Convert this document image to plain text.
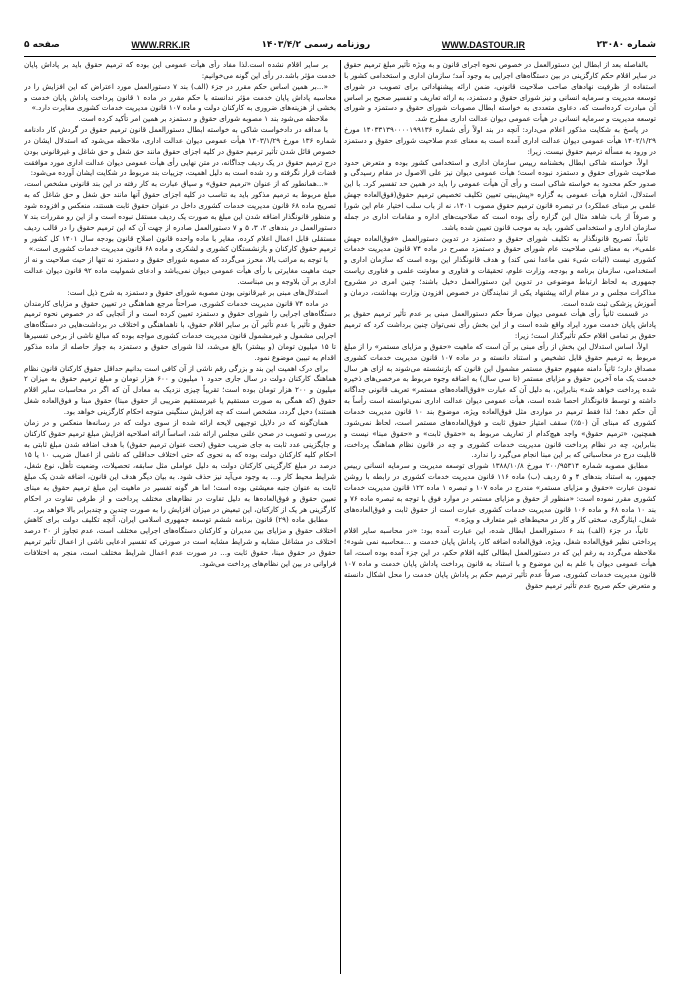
شماره ۲۳۰۸۰
WWW.DASTOUR.IR
روزنامه رسمی ۱۴۰۳/۴/۲
WWW.RRK.IR
صفحه ۵

بالفاصله بعد از ابطال این دستورالعمل در خصوص نحوه اجرای قانون و به ویژه تأثیر مبلغ ترمیم حقوق در سایر اقلام حکم کارگزینی در بین دستگاه‌های اجرایی به وجود آمد؛ سازمان اداری و استخدامی کشور با استفاده از ظرفیت نهادهای صاحب صلاحیت قانونی، ضمن ارائه پیشنهاداتی برای تصویب در شورای توسعه مدیریت و سرمایه انسانی و نیز شورای حقوق و دستمزد، به ارائه تعاریف و تفسیر صحیح بر اساس آن مبادرت کرده‌است که، دعاوی متعددی به خواسته ابطال مصوبات شورای حقوق و دستمزد و شورای توسعه مدیریت و سرمایه انسانی در هیأت عمومی دیوان عدالت اداری مطرح شد.

در پاسخ به شکایت مذکور اعلام می‌دارد: آنچه در بند اولاً رأی شماره ۱۴۰۳۳۱۳۹۰۰۰۰۱۹۹۱۳۶ مورخ ۱۴۰۲/۱/۲۹ هیأت عمومی دیوان عدالت اداری آمده است به معنای عدم صلاحیت شورای حقوق و دستمزد در ورود به مسأله ترمیم حقوق نیست. زیرا:

اولاً، خواسته شاکی ابطال بخشنامه رییس سازمان اداری و استخدامی کشور بوده و متعرض حدود صلاحیت شورای حقوق و دستمزد نبوده است؛ هیأت عمومی دیوان نیز علی الاصول در مقام رسیدگی و صدور حکم محدود به خواسته شاکی است و رأی آن هیأت عمومی را باید در همین حد تفسیر کرد. با این استدلال، اشاره هیأت عمومی به گزاره «پیش‌بینی تعیین تکلیف تخصیص ترمیم حقوق(فوق‌العاده جهش علمی بر مبنای عملکرد) در تبصره قانون ترمیم حقوق مصوب ۱۴۰۱، نه از باب سلب اختیار عام این شورا و صرفاً از باب شاهد مثال این گزاره رأی بوده است که صلاحیت‌های اداره و مقامات اداری در جمله سازمان اداری و استخدامی کشور، باید به موجب قانون تعیین شده باشد.

ثانیاً، تصریح قانونگذار به تکلیف شورای حقوق و دستمزد در تدوین دستورالعمل «فوق‌العاده جهش علمی»، به معنای نفی صلاحیت عام شورای حقوق و دستمزد مصرح در ماده ۷۴ قانون مدیریت خدمات کشوری نیست (اثبات شیء نفی ماعدا نمی کند) و هدف قانونگذار این بوده است که سازمان اداری و استخدامی، سازمان برنامه و بودجه، وزارت علوم، تحقیقات و فناوری و معاونت علمی و فناوری ریاست جمهوری به لحاظ ارتباط موضوعی در تدوین این دستورالعمل دخیل باشند؛ چنین امری در مشروح مذاکرات مجلس و در مقام ارائه پیشنهاد یکی از نمایندگان در خصوص افزودن وزارت بهداشت، درمان و آموزش پزشکی ثبت شده است.

در قسمت ثانیاً رأی هیأت عمومی دیوان صرفاً حکم دستورالعمل مبنی بر عدم تأثیر ترمیم حقوق بر پاداش پایان خدمت مورد ایراد واقع شده است و از این بخش رأی نمی‌توان چنین برداشت کرد که ترمیم حقوق بر تمامی اقلام حکم تأثیرگذار است؛ زیرا:

اولاً، اساس استدلال این بخش از رأی مبنی بر آن است که ماهیت «حقوق و مزایای مستمر» را از مبلغ مربوط به ترمیم حقوق قابل تشخیص و استناد دانسته و در ماده ۱۰۷ قانون مدیریت خدمات کشوری مصداق دارد؛ ثانیاً دامنه مفهوم حقوق مستمر مشمول این قانون که بازنشسته می‌شوند به ازای هر سال خدمت یک ماه آخرین حقوق و مزایای مستمر (تا سی سال) به اضافه وجوه مربوط به مرخصی‌های ذخیره شده پرداخت خواهد شد» بنابراین، به دلیل آن که عبارت «فوق‌العاده‌های مستمر» تعریف قانونی جداگانه داشته و توسط قانونگذار احصا شده است، هیأت عمومی دیوان عدالت اداری نمی‌توانسته است رأساً به آن حکم دهد؛ لذا فقط ترمیم در مواردی مثل فوق‌العاده ویژه، موضوع بند ۱۰ قانون مدیریت خدمات کشوری که مبنای آن (۵۰٪) سقف امتیاز حقوق ثابت و فوق‌العاده‌های مستمر است، لحاظ نمی‌شود. همچنین، «ترمیم حقوق» واجد هیچ‌کدام از تعاریف مربوط به «حقوق ثابت» و «حقوق مبنا» نیست و بنابراین، چه در نظام پرداخت قانون مدیریت خدمات کشوری و چه در قانون نظام هماهنگ پرداخت، قابلیت درج در محاسباتی که بر این مبنا انجام می‌گیرد را ندارد.

مطابق مصوبه شماره ۲۰۰/۹۵۳۱۴ مورخ ۱۳۸۸/۱۰/۸ شورای توسعه مدیریت و سرمایه انسانی رییس جمهور، به استناد بندهای ۴ و ۵ ردیف (ب) ماده ۱۱۶ قانون مدیریت خدمات کشوری در رابطه با روشن نمودن عبارت «حقوق و مزایای مستمر» مندرج در ماده ۱۰۷ و تبصره ۱ ماده ۱۲۲ قانون مدیریت خدمات کشوری مقرر نموده است: «منظور از حقوق و مزایای مستمر در موارد فوق با توجه به تبصره ماده ۷۶ و بند ۱۰ ماده ۶۸ و ماده ۱۰۶ قانون مدیریت خدمات کشوری عبارت است از حقوق ثابت و فوق‌العاده‌های شغل، ایثارگری، سختی کار و کار در محیط‌های غیر متعارف و ویژه.»

ثانیاً، در جزء (الف) بند ۶ دستورالعمل ابطال شده، این عبارت آمده بود: «در محاسبه سایر اقلام پرداختی نظیر فوق‌العاده شغل، ویژه، فوق‌العاده اضافه کار، پاداش پایان خدمت و ...محاسبه نمی شود»؛ ملاحظه می‌گردد به رغم این که در دستورالعمل ابطالی کلیه اقلام حکم، در این جزء آمده بوده است، اما هیأت عمومی دیوان با علم به این موضوع و با استناد به قانون پرداخت پاداش پایان خدمت و ماده ۱۰۷ قانون مدیریت خدمات کشوری، صرفاً عدم تأثیر ترمیم حکم بر پاداش پایان خدمت را محل اشکال دانسته و متعرض حکم صریح عدم تأثیر ترمیم حقوق

بر سایر اقلام نشده است.لذا مفاد رأی هیأت عمومی این بوده که ترمیم حقوق باید بر پاداش پایان خدمت مؤثر باشد.در رأی این گونه می‌خوانیم:

«...بر همین اساس حکم مقرر در جزء (الف) بند ۷ دستورالعمل مورد اعتراض که این افزایش را در محاسبه پاداش پایان خدمت مؤثر ندانسته با حکم مقرر در ماده ۱ قانون پرداخت پاداش پایان خدمت و بخشی از هزینه‌های ضروری به کارکنان دولت و ماده ۱۰۷ قانون مدیریت خدمات کشوری مغایرت دارد.»

ملاحظه می‌شود بند ۱ مصوبه شورای حقوق و دستمزد بر همین امر تأکید کرده است.

با مداقه در دادخواست شاکی به خواسته ابطال دستورالعمل قانون ترمیم حقوق در گردش کار دادنامه شماره ۱۳۶ مورخ ۱۴۰۳/۱/۲۹ هیأت عمومی دیوان عدالت اداری، ملاحظه می‌شود که استدلال ایشان در خصوص قائل شدن تأثیر ترمیم حقوق در کلیه اجزای حقوق مانند حق شغل و حق شاغل و غیرقانونی بودن درج ترمیم حقوق در یک ردیف جداگانه، در متن نهایی رأی هیأت عمومی دیوان عدالت اداری مورد موافقت قضات قرار نگرفته و رد شده است به دلیل اهمیت، جزییات بند مربوط در شکایت ایشان آورده می‌شود:

«...همانطور که از عنوان «ترمیم حقوق» و سیاق عبارت به کار رفته در این بند قانونی مشخص است، مبلغ مربوط به ترمیم مذکور باید به تناسب در کلیه اجزای حقوق آنها مانند حق شغل و حق شاغل که به تصریح ماده ۶۸ قانون مدیریت خدمات کشوری داخل در عنوان حقوق ثابت هستند، منعکس و افزوده شود و منظور قانونگذار اضافه شدن این مبلغ به صورت یک ردیف مستقل نبوده است و از این رو مقررات بند ۷ دستورالعمل در بندهای ۲، ۳، ۵ و ۷ دستورالعمل صادره از جهت آن که این ترمیم حقوق را در قالب ردیف مستقلی قابل اعمال اعلام کرده، مغایر با ماده واحده قانون اصلاح قانون بودجه سال ۱۴۰۱ کل کشور و ترمیم حقوق کارکنان و بازنشستگان کشوری و لشکری و ماده ۶۸ قانون مدیریت خدمات کشوری است.»

با توجه به مراتب بالا، محرز می‌گردد که مصوبه شورای حقوق و دستمزد نه تنها از حیث صلاحیت و نه از حیث ماهیت مغایرتی با رأی هیأت عمومی دیوان نمی‌باشد و ادعای شمولیت ماده ۹۲ قانون دیوان عدالت اداری بر آن بلاوجه و بی مبناست.

استدلال‌های مبنی بر غیرقانونی بودن مصوبه شورای حقوق و دستمزد به شرح ذیل است:

در ماده ۷۴ قانون مدیریت خدمات کشوری، صراحتاً مرجع هماهنگی در تعیین حقوق و مزایای کارمندان دستگاه‌های اجرایی را شورای حقوق و دستمزد تعیین کرده است و از آنجایی که در خصوص نحوه ترمیم حقوق و تأثیر یا عدم تأثیر آن بر سایر اقلام حقوق، با ناهماهنگی و اختلاف در برداشت‌هایی در دستگاه‌های اجرایی مشمول و غیرمشمول قانون مدیریت خدمات کشوری مواجه بوده که مبالغ ناشی از برخی تفسیرها تا ۱۵ میلیون تومان (و بیشتر) بالغ می‌شد، لذا شورای حقوق و دستمزد به جواز حاصله از ماده مذکور اقدام به تبیین موضوع نمود.

برای درک اهمیت این بند و بزرگی رقم ناشی از آن کافی است بدانیم حداقل حقوق کارکنان قانون نظام هماهنگ کارکنان دولت در سال جاری حدود ۱ میلیون و ۶۰۰ هزار تومان و مبلغ ترمیم حقوق به میزان ۲ میلیون و ۲۰۰ هزار تومان بوده است؛ تقریباً چیزی نزدیک به معادل آن که اگر در محاسبات سایر اقلام حقوق (که همگی به صورت مستقیم یا غیرمستقیم ضریبی از حقوق مبنا) حقوق مبنا و فوق‌العاده شغل هستند) دخیل گردد، مشخص است که چه افزایش سنگینی متوجه احکام کارگزینی خواهد بود.

همان‌گونه که در دلایل توجیهی لایحه ارائه شده از سوی دولت که در رسانه‌ها منعکس و در زمان بررسی و تصویب در صحن علنی مجلس ارائه شد، اساساً ارائه اصلاحیه افزایش مبلغ ترمیم حقوق کارکنان و جایگزینی عدد ثابت به جای ضریب حقوق (تحت عنوان ترمیم حقوق) با هدف اضافه شدن مبلغ ثابتی به احکام کلیه کارکنان دولت بوده که به نحوی که حتی اختلاف حداقلی که ناشی از اعمال ضریب ۱۰ یا ۱۵ درصد در مبلغ کارگزینی کارکنان دولت به دلیل عواملی مثل سابقه، تحصیلات، وضعیت تأهل، نوع شغل، شرایط محیط کار و... به وجود می‌آید نیز حذف شود. به بیان دیگر هدف این قانون، اضافه شدن یک مبلغ ثابت به عنوان جنبه معیشتی بوده است؛ اما هر گونه تفسیر در ماهیت این مبلغ ترمیم حقوق به مبنای تعیین حقوق و فوق‌العاده‌ها به دلیل تفاوت در نظام‌های مختلف پرداخت و از طرفی تفاوت در احکام کارگزینی هر یک از کارکنان، این تبعیض در میزان افزایش را به صورت چندین و چندبرابر بالا خواهد برد.

مطابق ماده (۲۹) قانون برنامه ششم توسعه جمهوری اسلامی ایران، آنچه تکلیف دولت برای کاهش اختلاف حقوق و مزایای بین مدیران و کارکنان دستگاه‌های اجرایی مختلف است، عدم تجاوز از ۲۰ درصد اختلاف در مشاغل مشابه و شرایط مشابه است در صورتی که تفسیر ادعایی ناشی از اعمال تأثیر ترمیم حقوق در حقوق مبنا، حقوق ثابت و... در صورت عدم اعمال شرایط مختلف است، منجر به اختلافات فراوانی در بین این نظام‌های پرداخت می‌شود.
